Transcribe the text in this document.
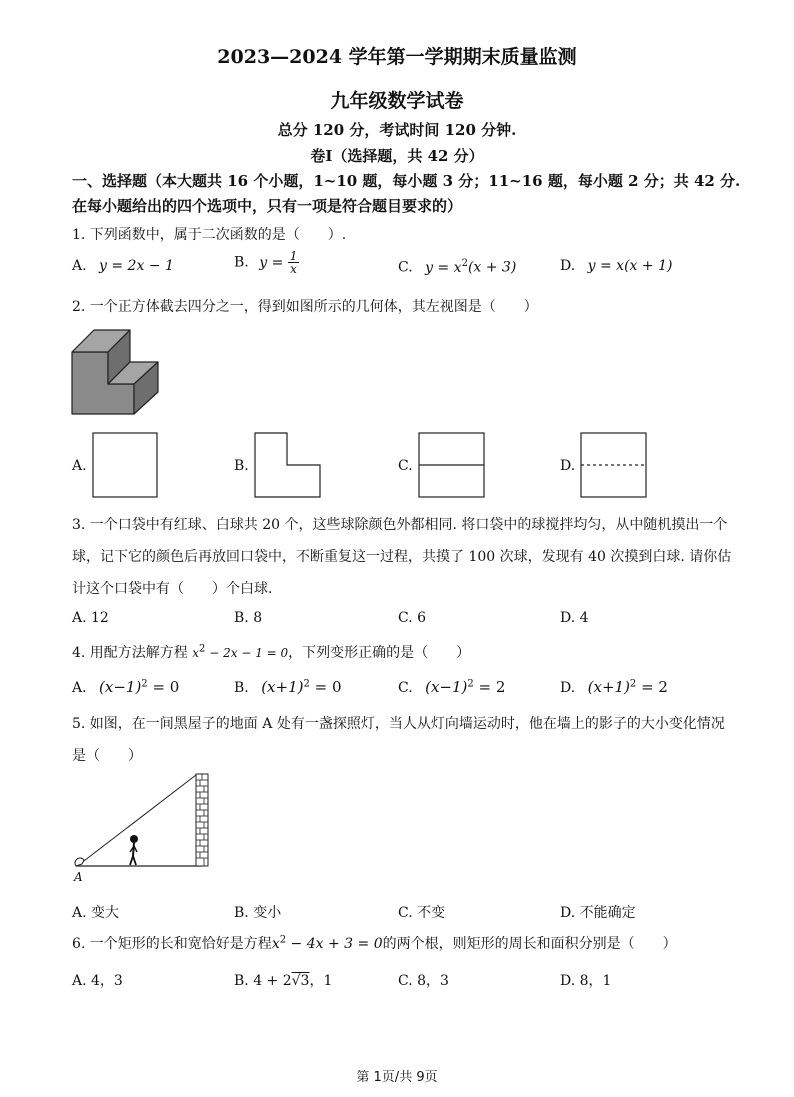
2023—2024 学年第一学期期末质量监测
九年级数学试卷
总分 120 分，考试时间 120 分钟.
卷I（选择题，共 42 分）
一、选择题（本大题共 16 个小题，1~10 题，每小题 3 分；11~16 题，每小题 2 分；共 42 分.
在每小题给出的四个选项中，只有一项是符合题目要求的）
1. 下列函数中，属于二次函数的是（　　）.
A. y = 2x − 1	B. $y = \frac{1}{x}$	C. $y = x^2(x + 3)$	D. y = x(x + 1)
2. 一个正方体截去四分之一，得到如图所示的几何体，其左视图是（　　）
A.	B.	C.	D.
3. 一个口袋中有红球、白球共 20 个，这些球除颜色外都相同. 将口袋中的球搅拌均匀，从中随机摸出一个
球，记下它的颜色后再放回口袋中，不断重复这一过程，共摸了 100 次球，发现有 40 次摸到白球. 请你估
计这个口袋中有（　　）个白球.
A. 12	B. 8	C. 6	D. 4
4. 用配方法解方程 $x^2 - 2x - 1 = 0$，下列变形正确的是（　　）
A. $(x-1)^2 = 0$	B. $(x+1)^2 = 0$	C. $(x-1)^2 = 2$	D. $(x+1)^2 = 2$
5. 如图，在一间黑屋子的地面 A 处有一盏探照灯，当人从灯向墙运动时，他在墙上的影子的大小变化情况
是（　　）
A
A. 变大	B. 变小	C. 不变	D. 不能确定
6. 一个矩形的长和宽恰好是方程$x^2 - 4x + 3 = 0$的两个根，则矩形的周长和面积分别是（　　）
A. 4，3	B. 4 + 2√3，1	C. 8，3	D. 8，1
第 1页/共 9页
